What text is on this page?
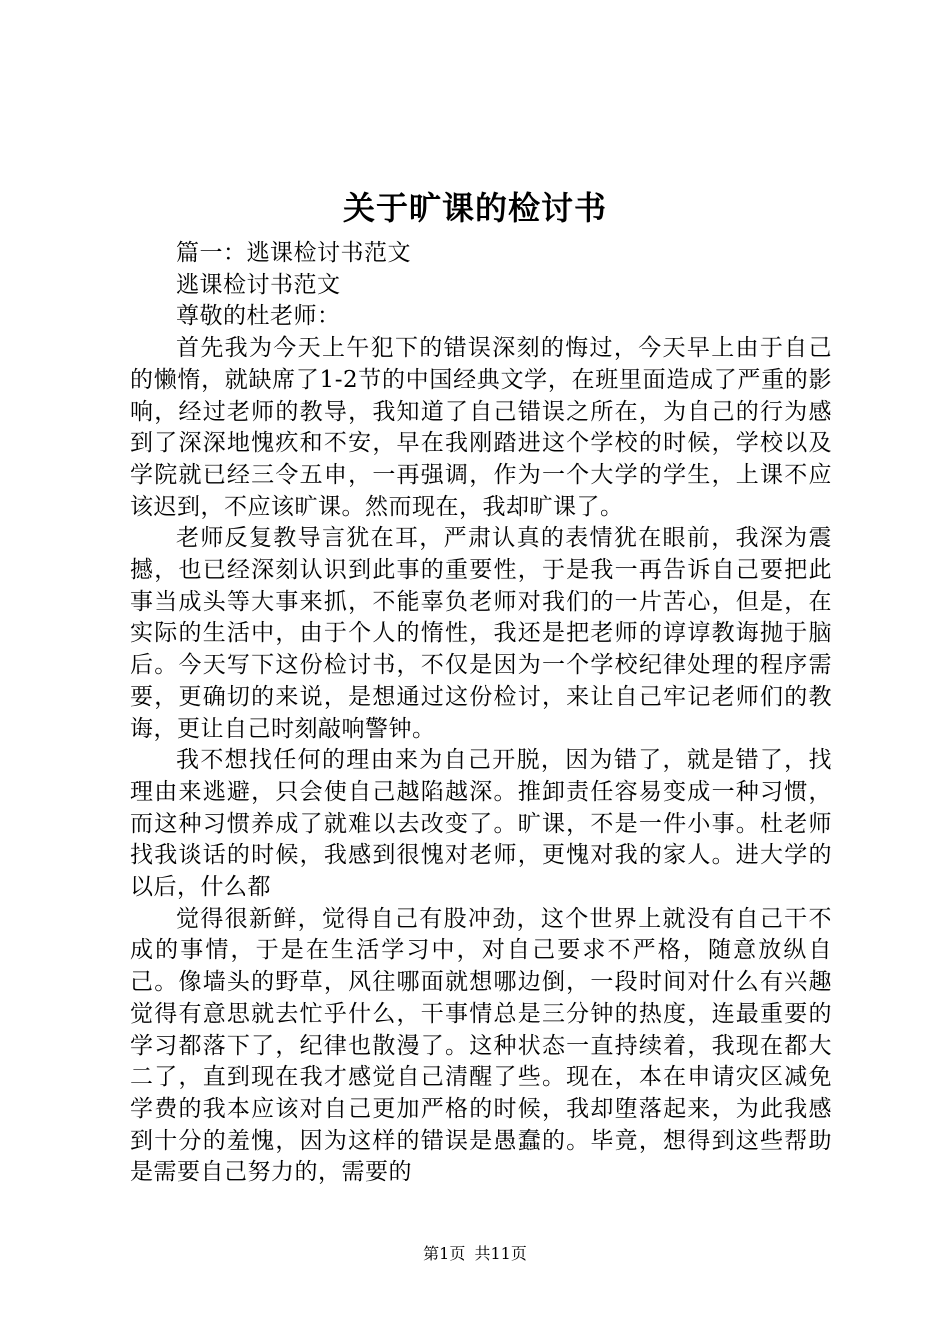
关于旷课的检讨书

篇一：逃课检讨书范文

逃课检讨书范文

尊敬的杜老师：

首先我为今天上午犯下的错误深刻的悔过，今天早上由于自己的懒惰，就缺席了1-2节的中国经典文学，在班里面造成了严重的影响，经过老师的教导，我知道了自己错误之所在，为自己的行为感到了深深地愧疚和不安，早在我刚踏进这个学校的时候，学校以及学院就已经三令五申，一再强调，作为一个大学的学生，上课不应该迟到，不应该旷课。然而现在，我却旷课了。

老师反复教导言犹在耳，严肃认真的表情犹在眼前，我深为震撼，也已经深刻认识到此事的重要性，于是我一再告诉自己要把此事当成头等大事来抓，不能辜负老师对我们的一片苦心，但是，在实际的生活中，由于个人的惰性，我还是把老师的谆谆教诲抛于脑后。今天写下这份检讨书，不仅是因为一个学校纪律处理的程序需要，更确切的来说，是想通过这份检讨，来让自己牢记老师们的教诲，更让自己时刻敲响警钟。

我不想找任何的理由来为自己开脱，因为错了，就是错了，找理由来逃避，只会使自己越陷越深。推卸责任容易变成一种习惯，而这种习惯养成了就难以去改变了。旷课，不是一件小事。杜老师找我谈话的时候，我感到很愧对老师，更愧对我的家人。进大学的以后，什么都

觉得很新鲜，觉得自己有股冲劲，这个世界上就没有自己干不成的事情，于是在生活学习中，对自己要求不严格，随意放纵自己。像墙头的野草，风往哪面就想哪边倒，一段时间对什么有兴趣觉得有意思就去忙乎什么，干事情总是三分钟的热度，连最重要的学习都落下了，纪律也散漫了。这种状态一直持续着，我现在都大二了，直到现在我才感觉自己清醒了些。现在，本在申请灾区减免学费的我本应该对自己更加严格的时候，我却堕落起来，为此我感到十分的羞愧，因为这样的错误是愚蠢的。毕竟，想得到这些帮助是需要自己努力的，需要的

第1页 共11页
